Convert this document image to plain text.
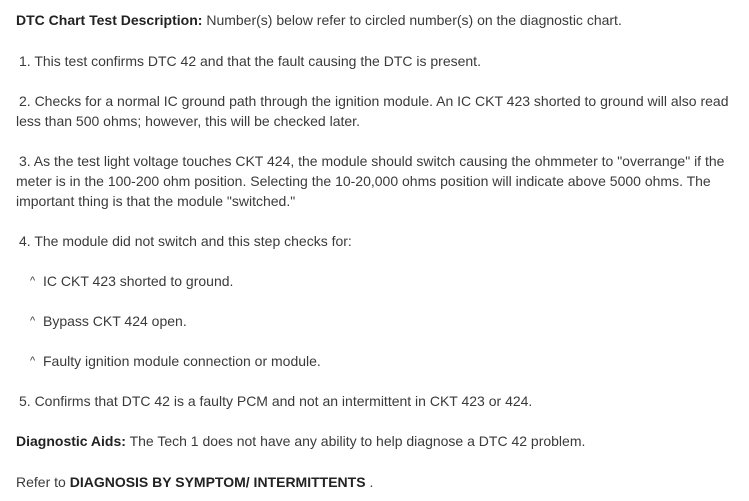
DTC Chart Test Description: Number(s) below refer to circled number(s) on the diagnostic chart.
1. This test confirms DTC 42 and that the fault causing the DTC is present.
2. Checks for a normal IC ground path through the ignition module. An IC CKT 423 shorted to ground will also read less than 500 ohms; however, this will be checked later.
3. As the test light voltage touches CKT 424, the module should switch causing the ohmmeter to "overrange" if the meter is in the 100-200 ohm position. Selecting the 10-20,000 ohms position will indicate above 5000 ohms. The important thing is that the module "switched."
4. The module did not switch and this step checks for:
^ IC CKT 423 shorted to ground.
^ Bypass CKT 424 open.
^ Faulty ignition module connection or module.
5. Confirms that DTC 42 is a faulty PCM and not an intermittent in CKT 423 or 424.
Diagnostic Aids: The Tech 1 does not have any ability to help diagnose a DTC 42 problem.
Refer to DIAGNOSIS BY SYMPTOM/ INTERMITTENTS .
